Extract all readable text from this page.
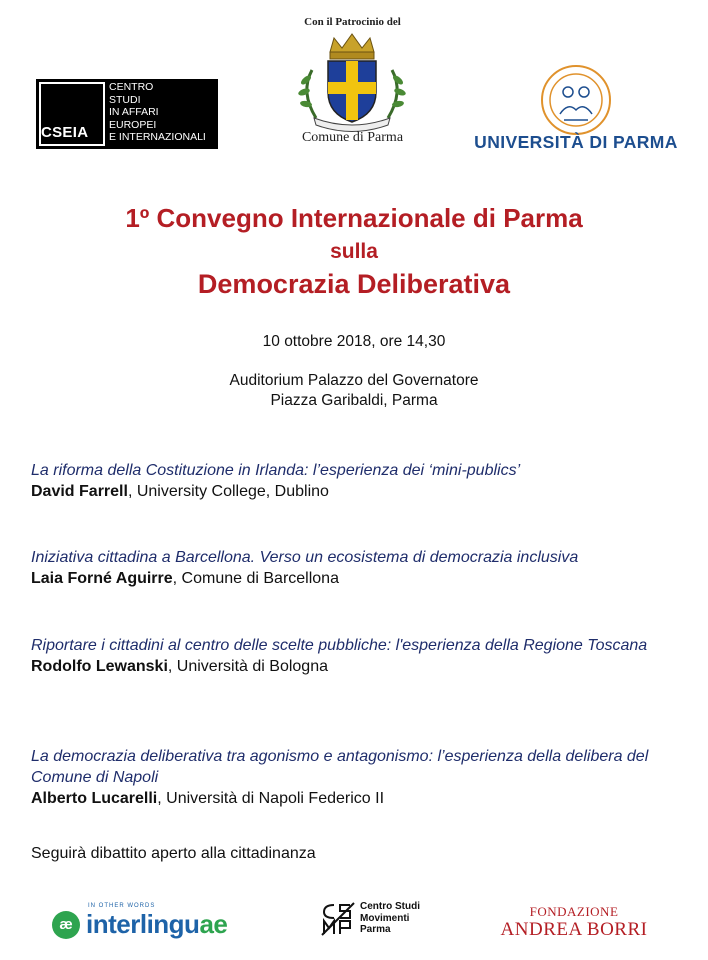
CSEIA
CENTRO
STUDI
IN AFFARI
EUROPEI
E INTERNAZIONALI
Con il Patrocinio del
Comune di Parma	UNIVERSITÀ DI PARMA
1º Convegno Internazionale di Parma
sulla
Democrazia Deliberativa
10 ottobre 2018, ore 14,30
Auditorium Palazzo del Governatore
Piazza Garibaldi, Parma
La riforma della Costituzione in Irlanda: l’esperienza dei ‘mini-publics’
David Farrell, University College, Dublino
Iniziativa cittadina a Barcellona. Verso un ecosistema di democrazia inclusiva
Laia Forné Aguirre, Comune di Barcellona
Riportare i cittadini al centro delle scelte pubbliche: l'esperienza della Regione Toscana
Rodolfo Lewanski, Università di Bologna
La democrazia deliberativa tra agonismo e antagonismo: l’esperienza della delibera del Comune di Napoli
Alberto Lucarelli, Università di Napoli Federico II
Seguirà dibattito aperto alla cittadinanza
IN OTHER WORDS
æ interlinguae
Centro Studi
Movimenti
Parma
FONDAZIONE
ANDREA BORRI
